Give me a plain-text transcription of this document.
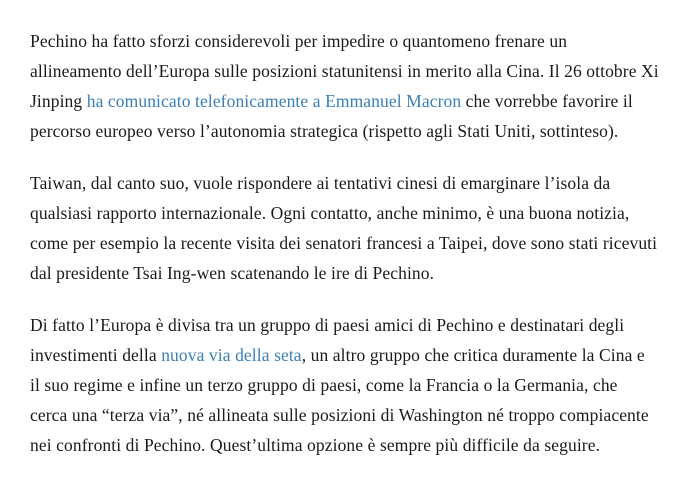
Pechino ha fatto sforzi considerevoli per impedire o quantomeno frenare un allineamento dell’Europa sulle posizioni statunitensi in merito alla Cina. Il 26 ottobre Xi Jinping ha comunicato telefonicamente a Emmanuel Macron che vorrebbe favorire il percorso europeo verso l’autonomia strategica (rispetto agli Stati Uniti, sottinteso).

Taiwan, dal canto suo, vuole rispondere ai tentativi cinesi di emarginare l’isola da qualsiasi rapporto internazionale. Ogni contatto, anche minimo, è una buona notizia, come per esempio la recente visita dei senatori francesi a Taipei, dove sono stati ricevuti dal presidente Tsai Ing-wen scatenando le ire di Pechino.

Di fatto l’Europa è divisa tra un gruppo di paesi amici di Pechino e destinatari degli investimenti della nuova via della seta, un altro gruppo che critica duramente la Cina e il suo regime e infine un terzo gruppo di paesi, come la Francia o la Germania, che cerca una “terza via”, né allineata sulle posizioni di Washington né troppo compiacente nei confronti di Pechino. Quest’ultima opzione è sempre più difficile da seguire.
